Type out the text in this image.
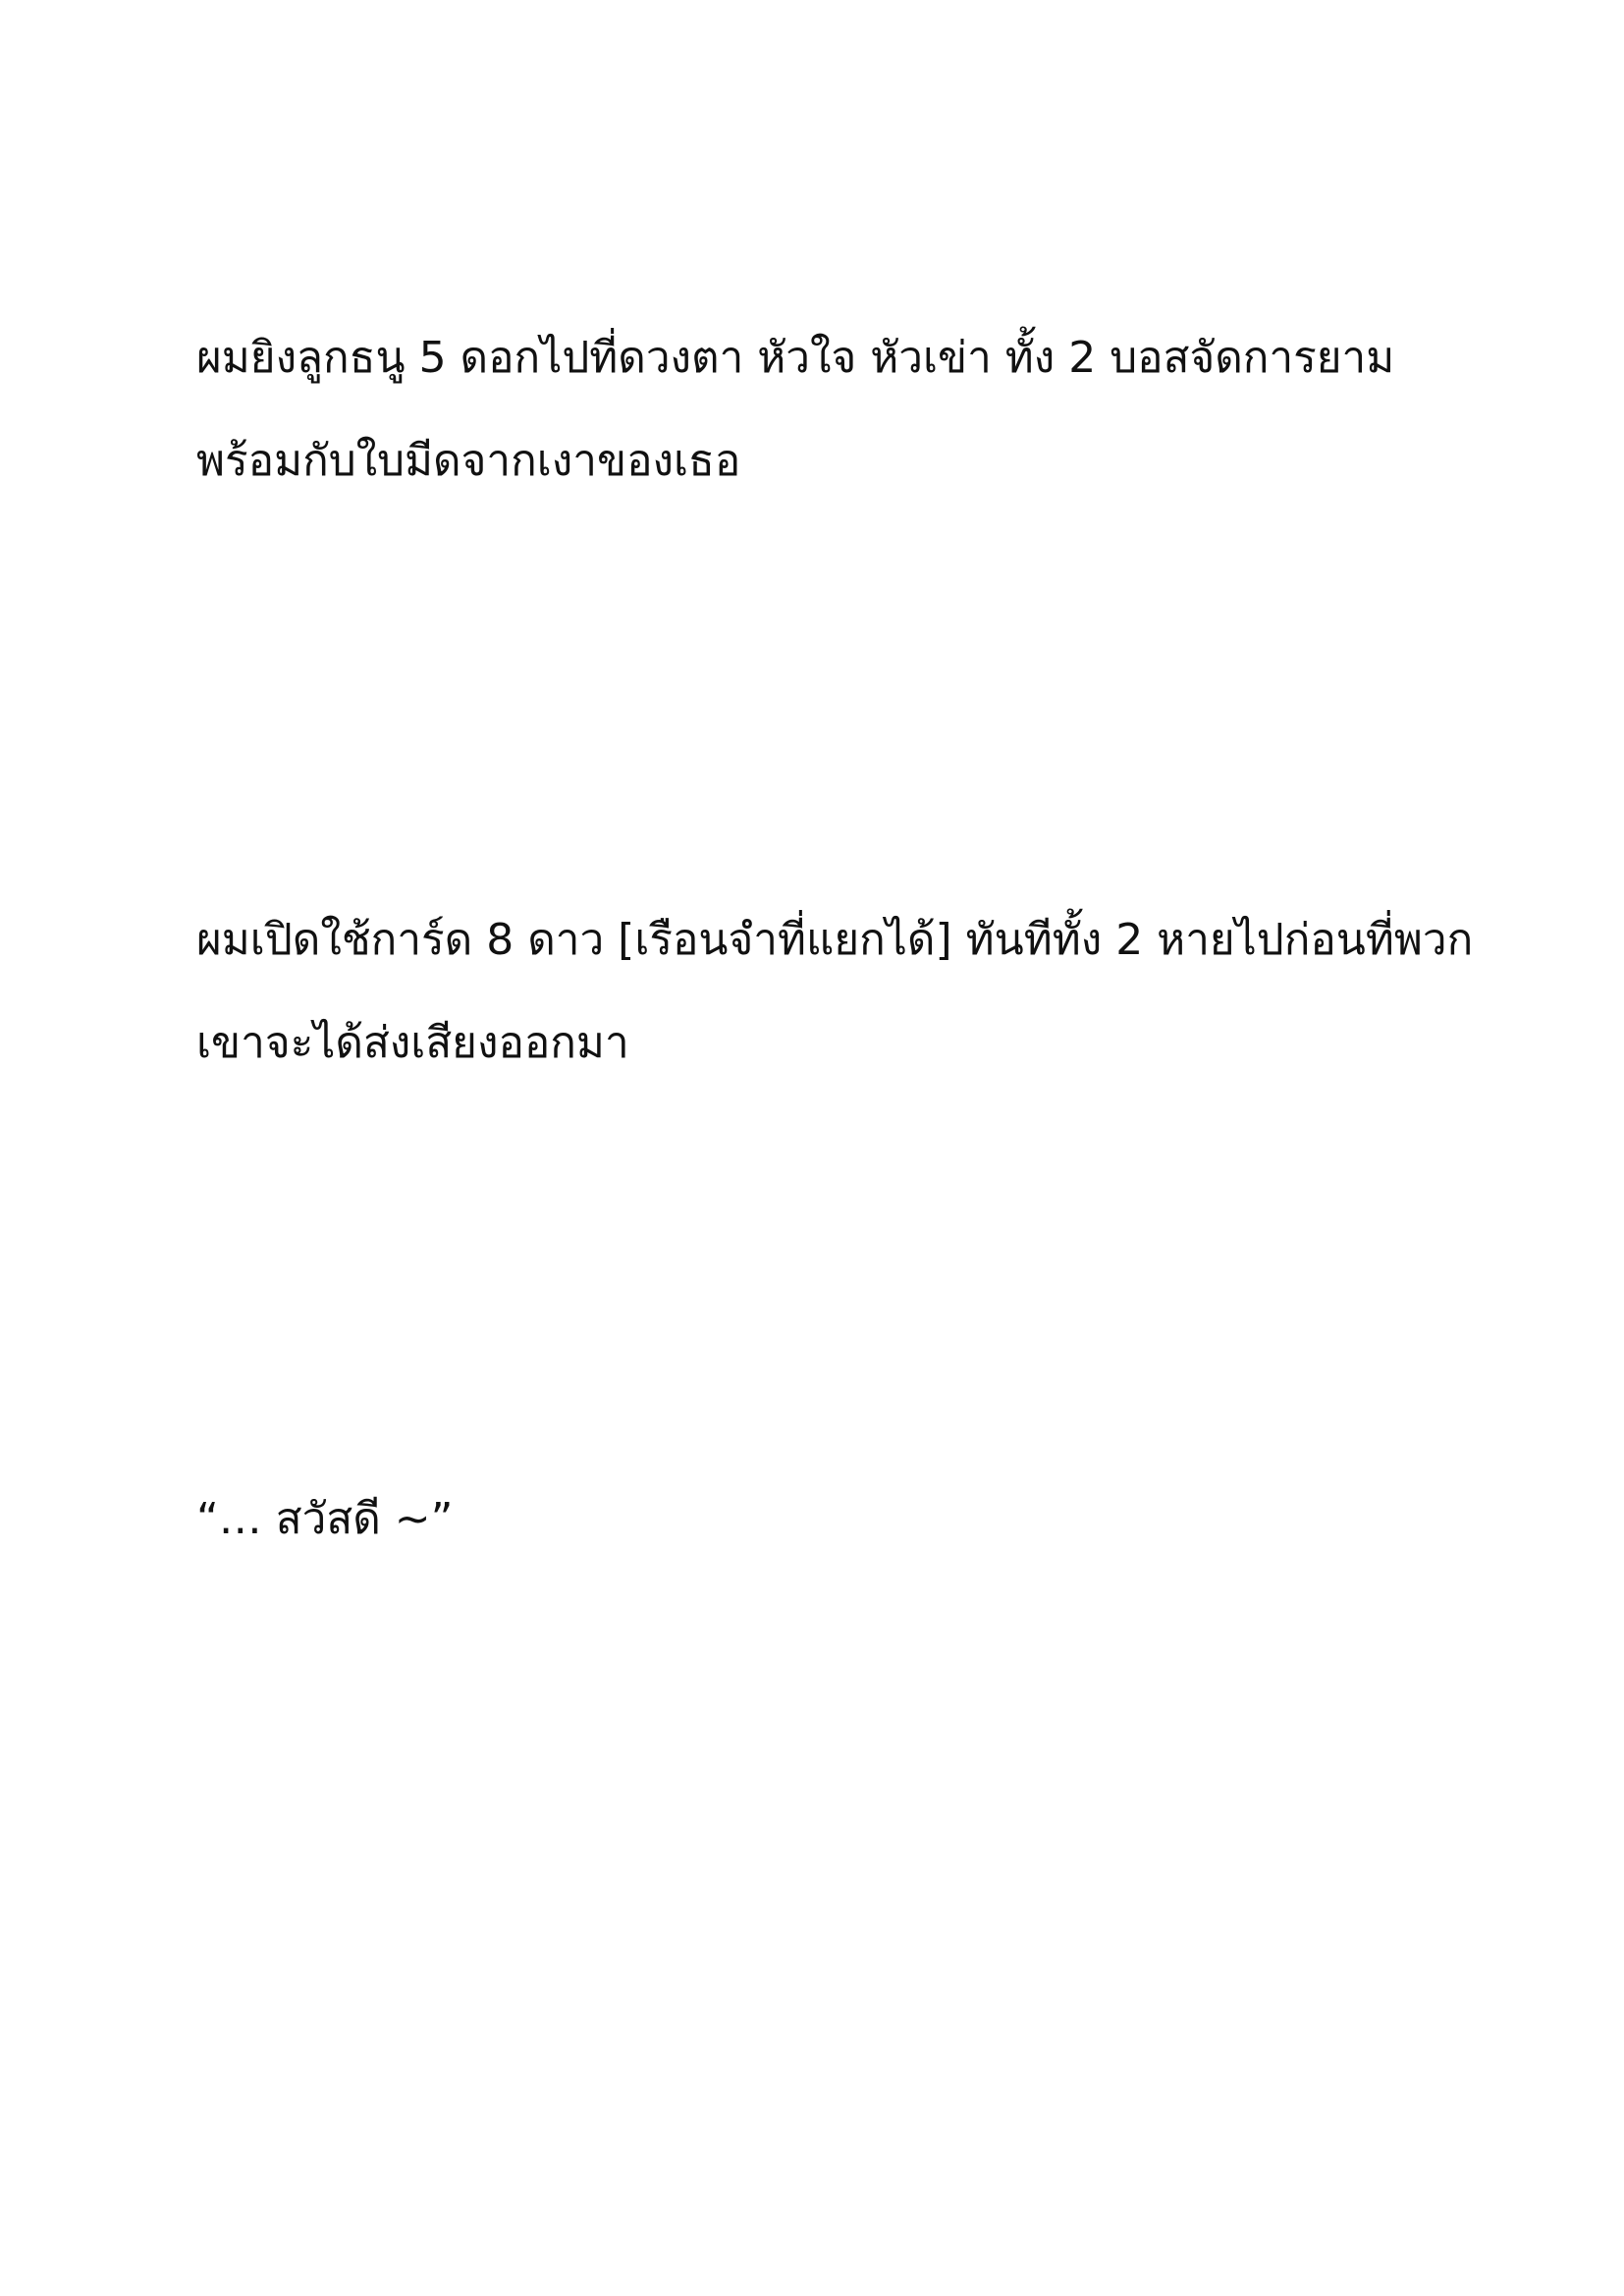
ผมยิงลูกธนู 5 ดอกไปที่ดวงตา หัวใจ หัวเข่า ทั้ง 2 บอสจัดการยาม

พร้อมกับใบมีดจากเงาของเธอ

ผมเปิดใช้การ์ด 8 ดาว [เรือนจำที่แยกได้] ทันทีทั้ง 2 หายไปก่อนที่พวก

เขาจะได้ส่งเสียงออกมา

“… สวัสดี ~”
